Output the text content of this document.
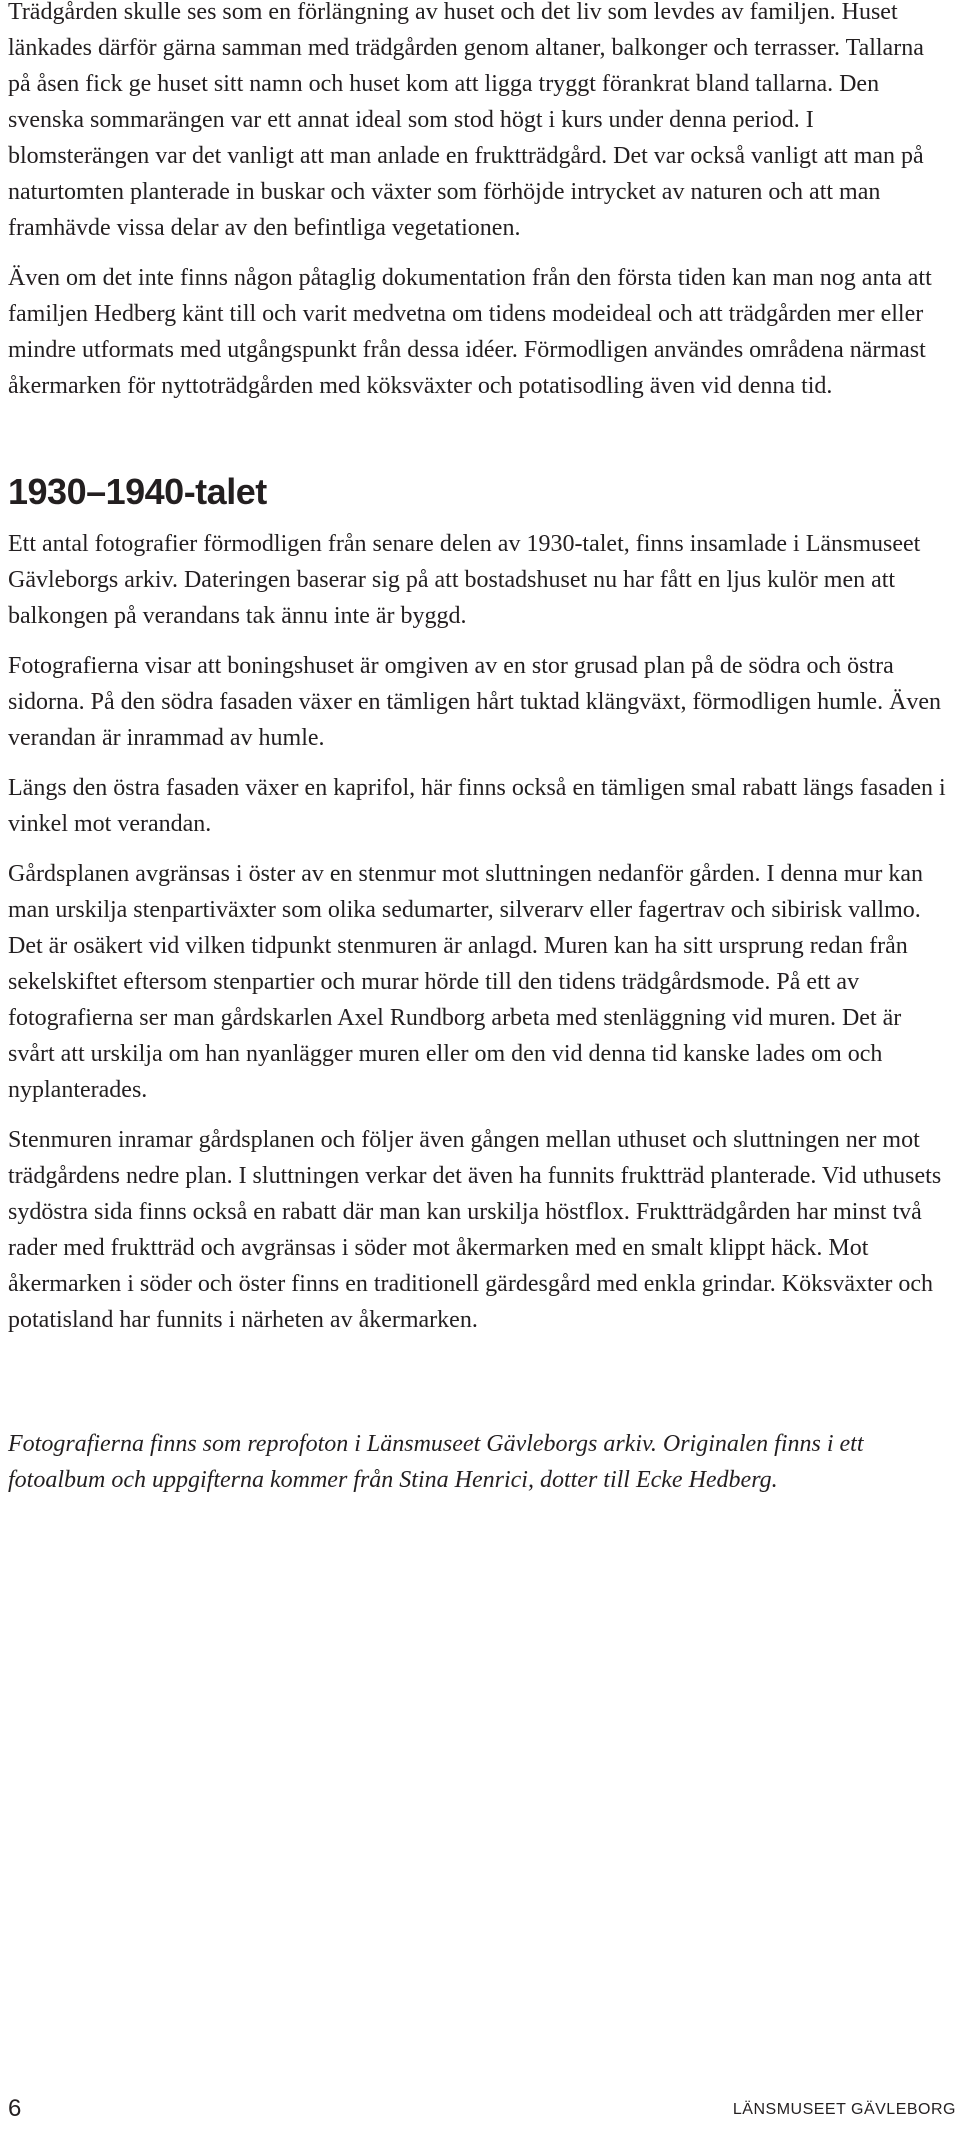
Trädgården skulle ses som en förlängning av huset och det liv som levdes av familjen. Huset länkades därför gärna samman med trädgården genom altaner, balkonger och terrasser. Tallarna på åsen fick ge huset sitt namn och huset kom att ligga tryggt förankrat bland tallarna. Den svenska sommarängen var ett annat ideal som stod högt i kurs under denna period. I blomsterängen var det vanligt att man anlade en fruktträdgård. Det var också vanligt att man på naturtomten planterade in buskar och växter som förhöjde intrycket av naturen och att man framhävde vissa delar av den befintliga vegetationen.

Även om det inte finns någon påtaglig dokumentation från den första tiden kan man nog anta att familjen Hedberg känt till och varit medvetna om tidens modeideal och att trädgården mer eller mindre utformats med utgångspunkt från dessa idéer. Förmodligen användes områdena närmast åkermarken för nyttoträdgården med köksväxter och potatisodling även vid denna tid.

1930–1940-talet

Ett antal fotografier förmodligen från senare delen av 1930-talet, finns insamlade i Länsmuseet Gävleborgs arkiv. Dateringen baserar sig på att bostadshuset nu har fått en ljus kulör men att balkongen på verandans tak ännu inte är byggd.

Fotografierna visar att boningshuset är omgiven av en stor grusad plan på de södra och östra sidorna. På den södra fasaden växer en tämligen hårt tuktad klängväxt, förmodligen humle. Även verandan är inrammad av humle.

Längs den östra fasaden växer en kaprifol, här finns också en tämligen smal rabatt längs fasaden i vinkel mot verandan.

Gårdsplanen avgränsas i öster av en stenmur mot sluttningen nedanför gården. I denna mur kan man urskilja stenpartiväxter som olika sedumarter, silverarv eller fagertrav och sibirisk vallmo. Det är osäkert vid vilken tidpunkt stenmuren är anlagd. Muren kan ha sitt ursprung redan från sekelskiftet eftersom stenpartier och murar hörde till den tidens trädgårdsmode. På ett av fotografierna ser man gårdskarlen Axel Rundborg arbeta med stenläggning vid muren. Det är svårt att urskilja om han nyanlägger muren eller om den vid denna tid kanske lades om och nyplanterades.

Stenmuren inramar gårdsplanen och följer även gången mellan uthuset och sluttningen ner mot trädgårdens nedre plan. I sluttningen verkar det även ha funnits fruktträd planterade. Vid uthusets sydöstra sida finns också en rabatt där man kan urskilja höstflox. Fruktträdgården har minst två rader med fruktträd och avgränsas i söder mot åkermarken med en smalt klippt häck. Mot åkermarken i söder och öster finns en traditionell gärdesgård med enkla grindar. Köksväxter och potatisland har funnits i närheten av åkermarken.

Fotografierna finns som reprofoton i Länsmuseet Gävleborgs arkiv. Originalen finns i ett fotoalbum och uppgifterna kommer från Stina Henrici, dotter till Ecke Hedberg.

6	LÄNSMUSEET GÄVLEBORG
